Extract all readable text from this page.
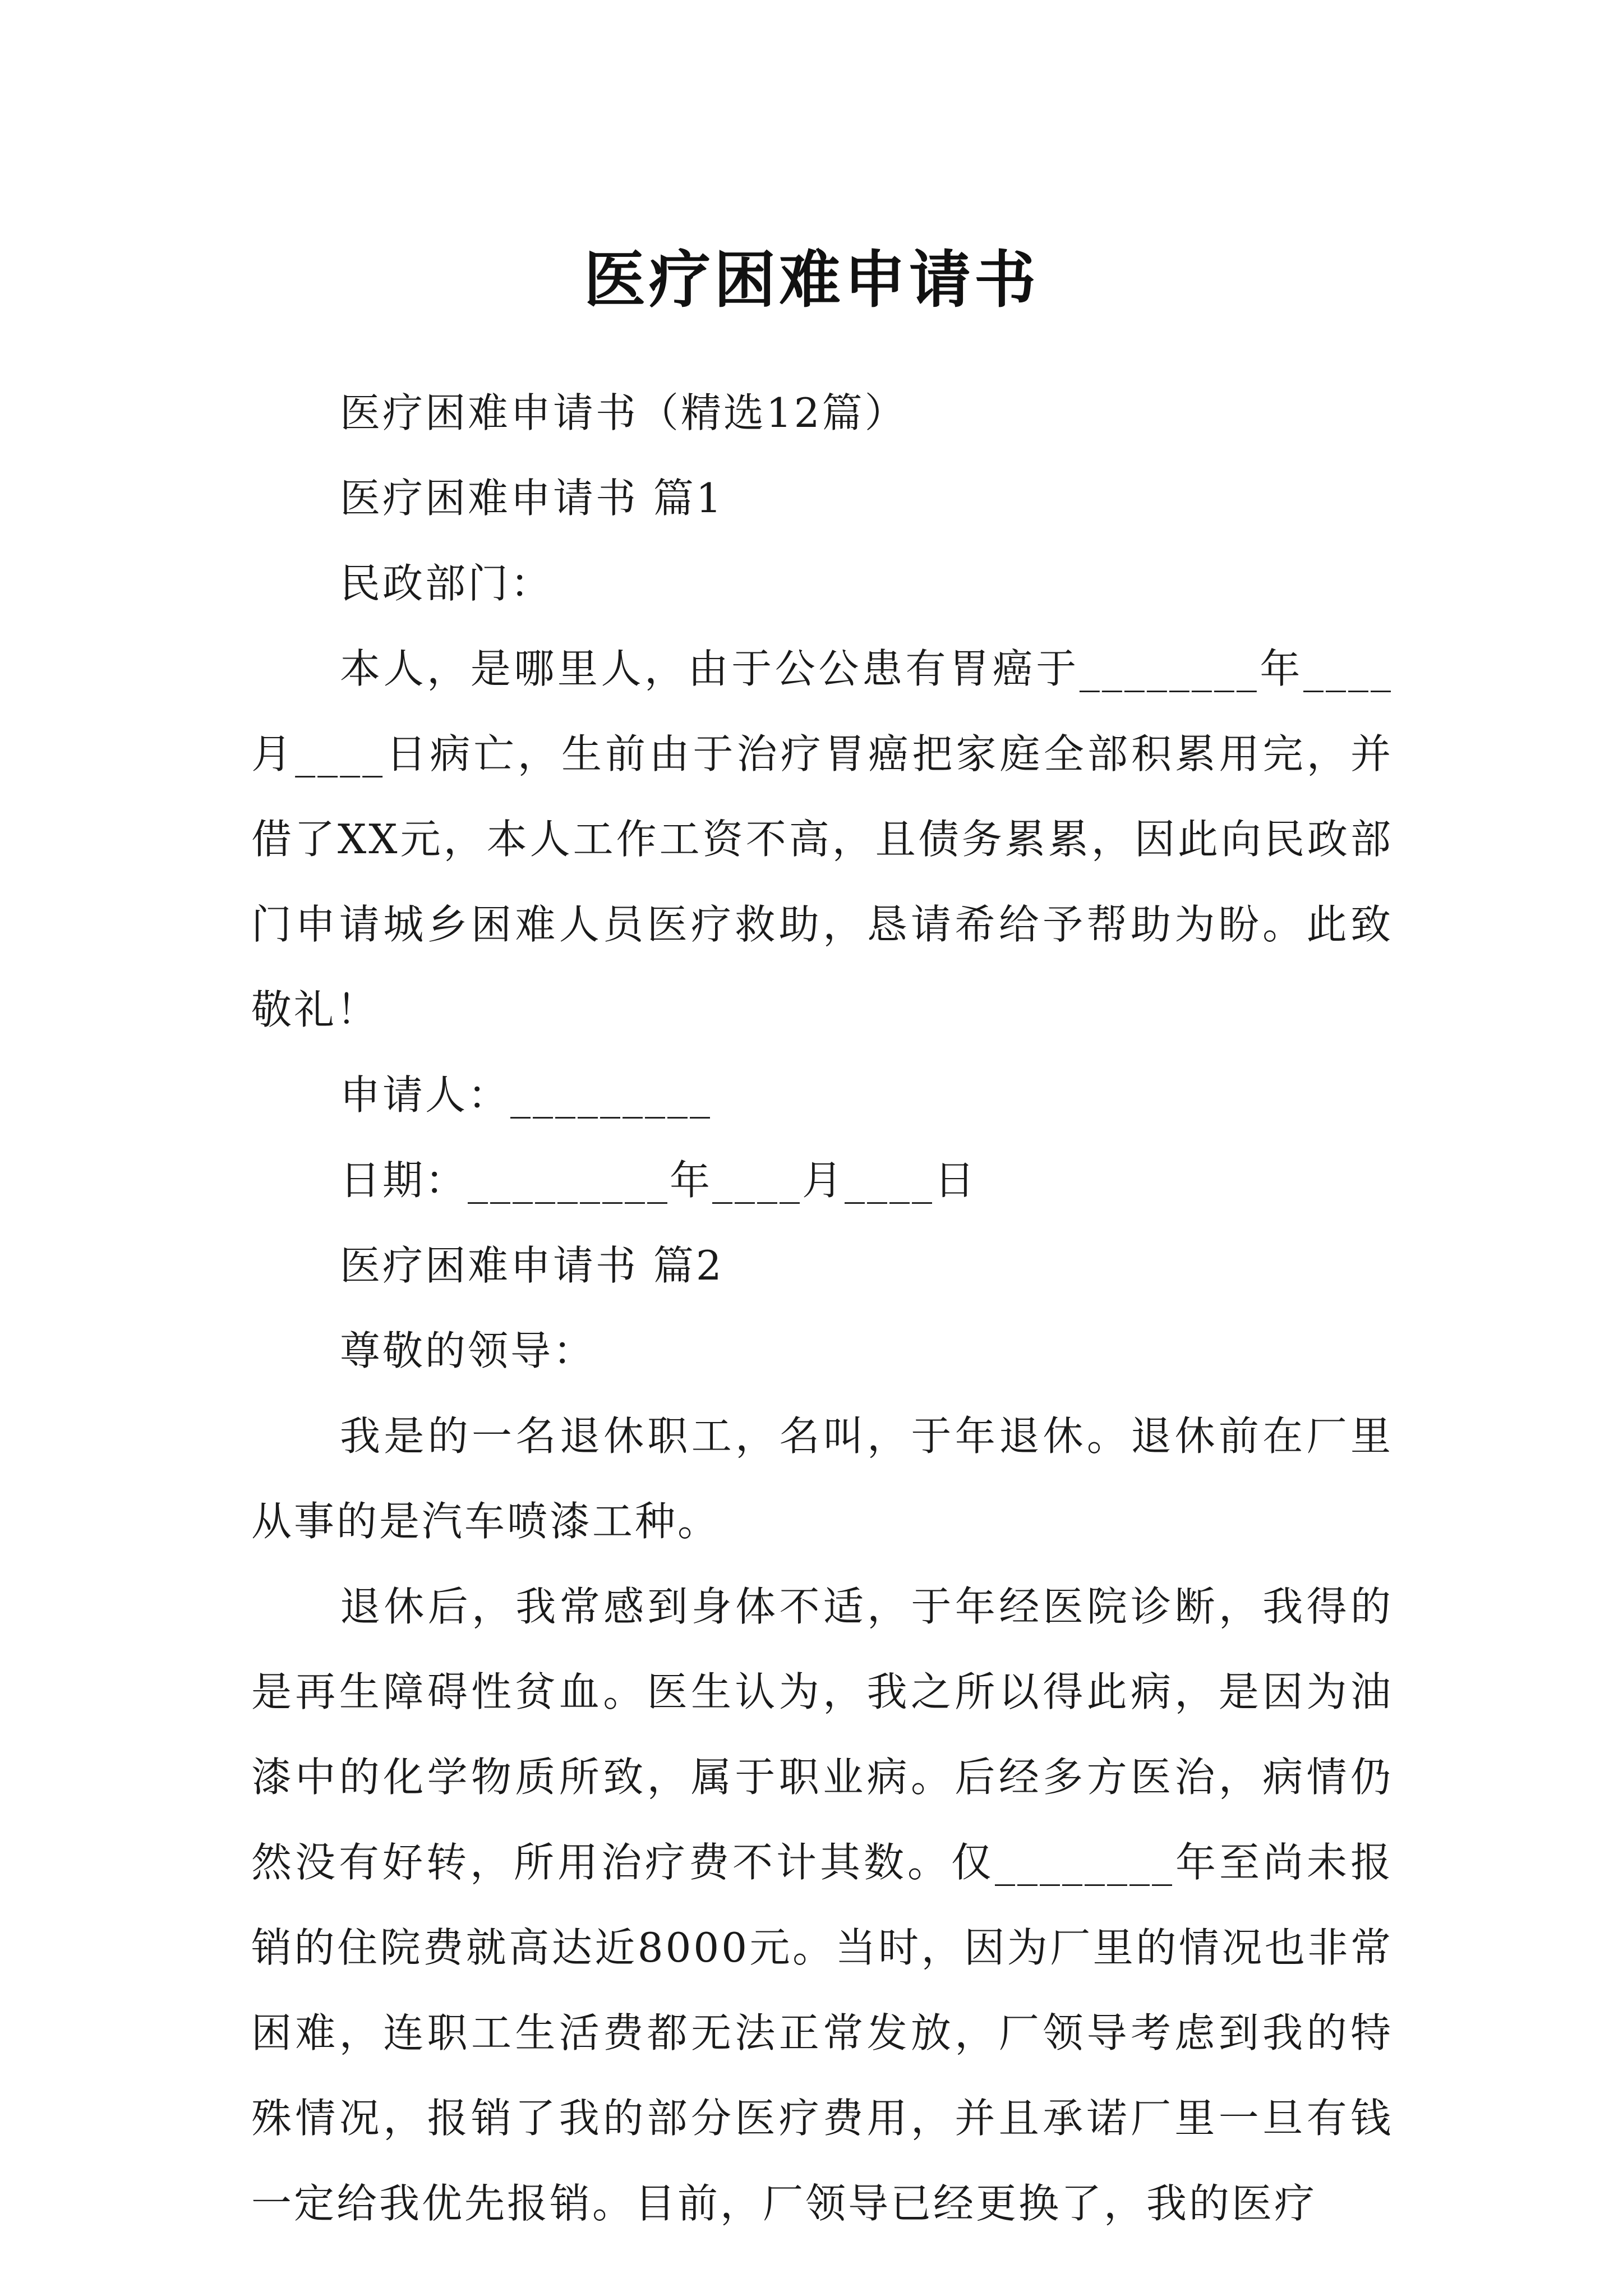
医疗困难申请书

医疗困难申请书（精选12篇）

医疗困难申请书 篇1

民政部门：

本人，是哪里人，由于公公患有胃癌于________年____月____日病亡，生前由于治疗胃癌把家庭全部积累用完，并借了XX元，本人工作工资不高，且债务累累，因此向民政部门申请城乡困难人员医疗救助，恳请希给予帮助为盼。此致敬礼！

申请人：_________

日期：_________年____月____日

医疗困难申请书 篇2

尊敬的领导：

我是的一名退休职工，名叫，于年退休。退休前在厂里从事的是汽车喷漆工种。

退休后，我常感到身体不适，于年经医院诊断，我得的是再生障碍性贫血。医生认为，我之所以得此病，是因为油漆中的化学物质所致，属于职业病。后经多方医治，病情仍然没有好转，所用治疗费不计其数。仅________年至尚未报销的住院费就高达近8000元。当时，因为厂里的情况也非常困难，连职工生活费都无法正常发放，厂领导考虑到我的特殊情况，报销了我的部分医疗费用，并且承诺厂里一旦有钱一定给我优先报销。目前，厂领导已经更换了，我的医疗
